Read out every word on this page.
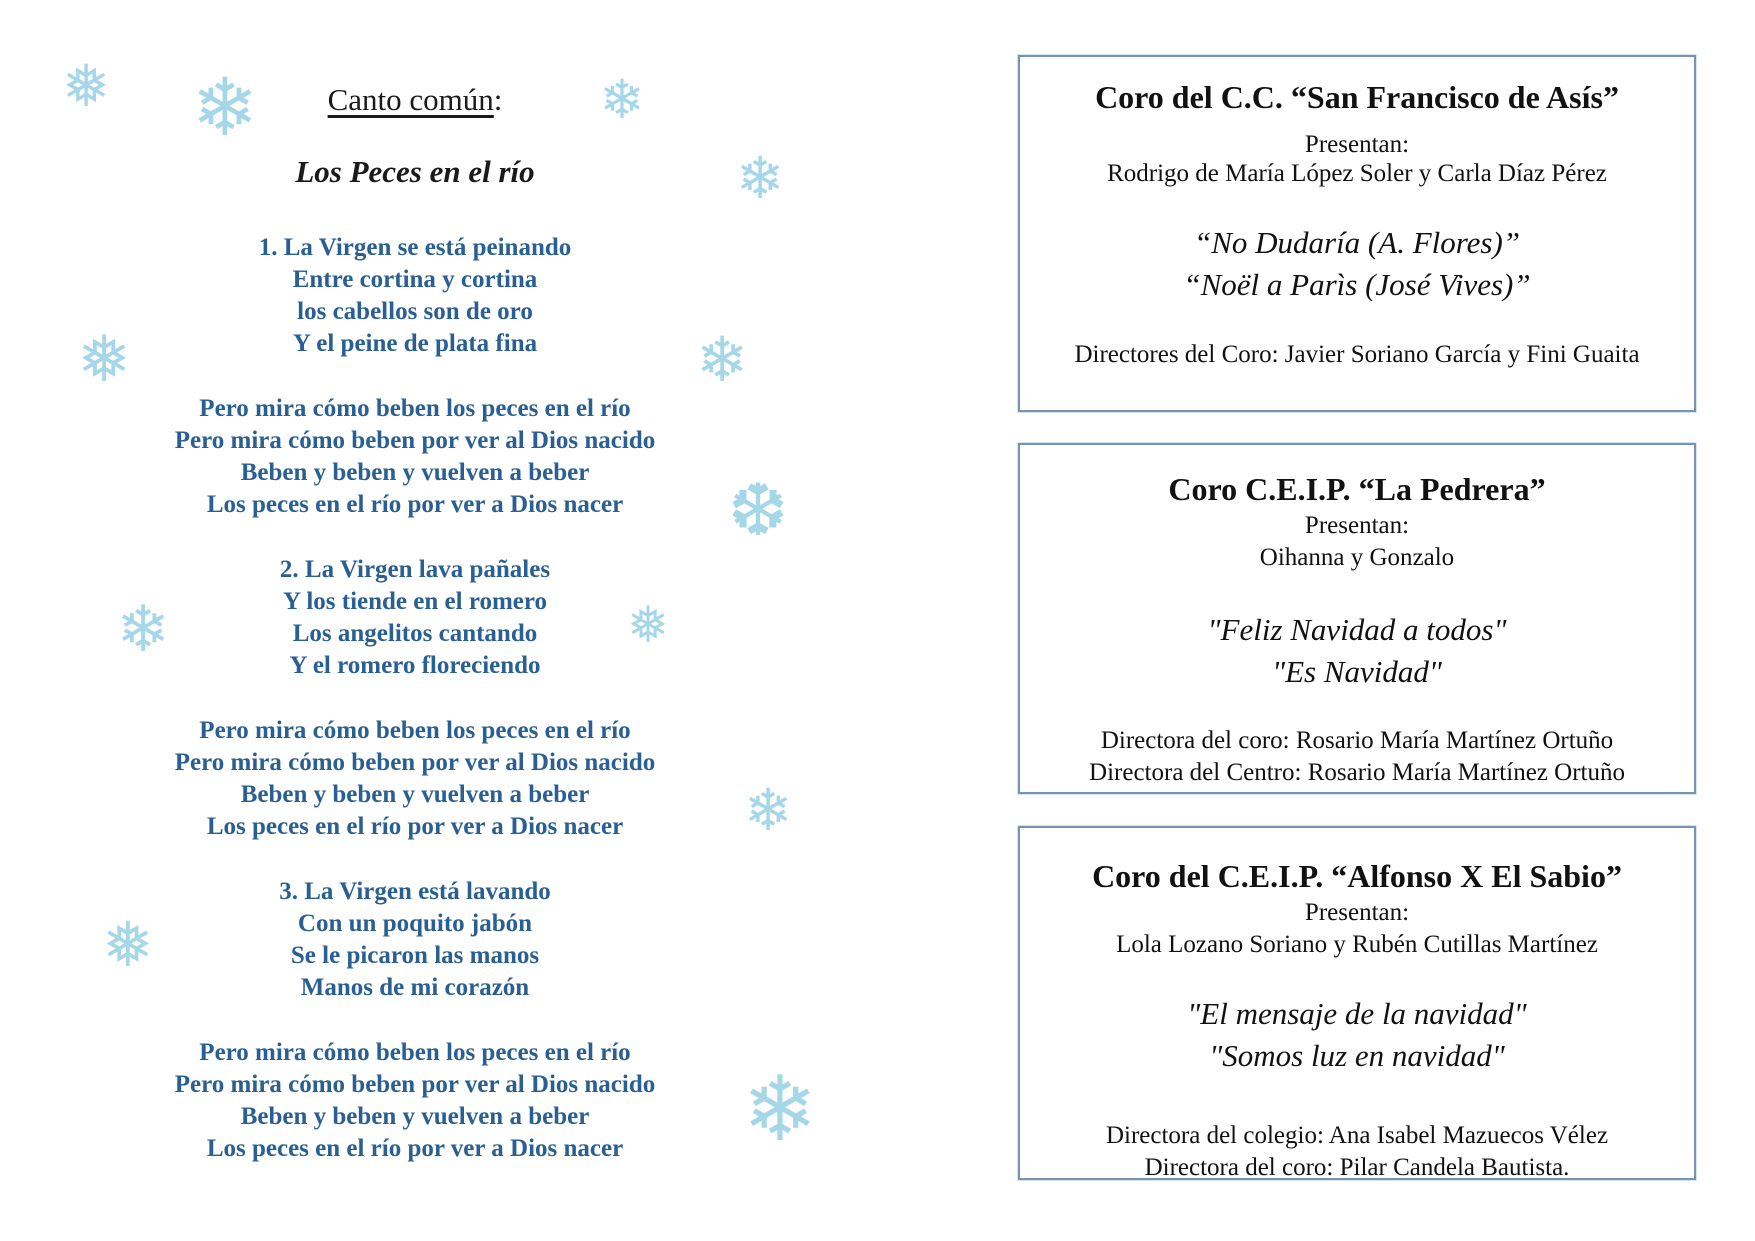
Canto común:
Los Peces en el río
1. La Virgen se está peinando
Entre cortina y cortina
los cabellos son de oro
Y el peine de plata fina
Pero mira cómo beben los peces en el río
Pero mira cómo beben por ver al Dios nacido
Beben y beben y vuelven a beber
Los peces en el río por ver a Dios nacer
2. La Virgen lava pañales
Y los tiende en el romero
Los angelitos cantando
Y el romero floreciendo
Pero mira cómo beben los peces en el río
Pero mira cómo beben por ver al Dios nacido
Beben y beben y vuelven a beber
Los peces en el río por ver a Dios nacer
3. La Virgen está lavando
Con un poquito jabón
Se le picaron las manos
Manos de mi corazón
Pero mira cómo beben los peces en el río
Pero mira cómo beben por ver al Dios nacido
Beben y beben y vuelven a beber
Los peces en el río por ver a Dios nacer
❅ ❄	❄
❄
❅	❄
❆
❄	❅
❄
❅
❄
Coro del C.C. “San Francisco de Asís”
Presentan:
Rodrigo de María López Soler y Carla Díaz Pérez
“No Dudaría (A. Flores)”
“Noël a Parìs (José Vives)”
Directores del Coro: Javier Soriano García y Fini Guaita
Coro C.E.I.P. “La Pedrera”
Presentan:
Oihanna y Gonzalo
"Feliz Navidad a todos"
"Es Navidad"
Directora del coro: Rosario María Martínez Ortuño
Directora del Centro: Rosario María Martínez Ortuño
Coro del C.E.I.P. “Alfonso X El Sabio”
Presentan:
Lola Lozano Soriano y Rubén Cutillas Martínez
"El mensaje de la navidad"
"Somos luz en navidad"
Directora del colegio: Ana Isabel Mazuecos Vélez
Directora del coro: Pilar Candela Bautista.
